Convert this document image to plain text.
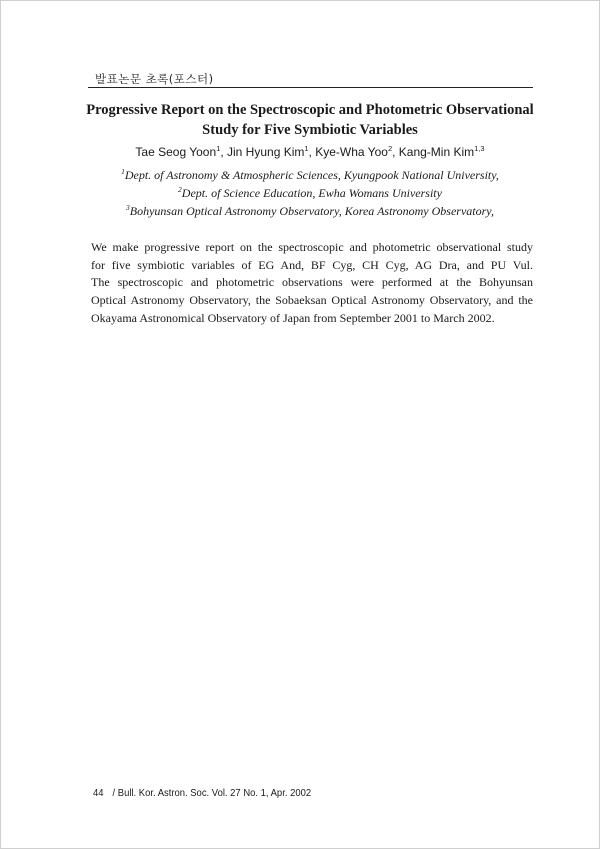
발표논문 초록(포스터)
Progressive Report on the Spectroscopic and Photometric Observational
Study for Five Symbiotic Variables
Tae Seog Yoon$^1$, Jin Hyung Kim$^1$, Kye-Wha Yoo$^2$, Kang-Min Kim$^{1,3}$
$^1$Dept. of Astronomy & Atmospheric Sciences, Kyungpook National University,
$^2$Dept. of Science Education, Ewha Womans University
$^3$Bohyunsan Optical Astronomy Observatory, Korea Astronomy Observatory,
We make progressive report on the spectroscopic and photometric observational study
for five symbiotic variables of EG And, BF Cyg, CH Cyg, AG Dra, and PU Vul.
The spectroscopic and photometric observations were performed at the Bohyunsan
Optical Astronomy Observatory, the Sobaeksan Optical Astronomy Observatory, and the
Okayama Astronomical Observatory of Japan from September 2001 to March 2002.
44 / Bull. Kor. Astron. Soc. Vol. 27 No. 1, Apr. 2002
